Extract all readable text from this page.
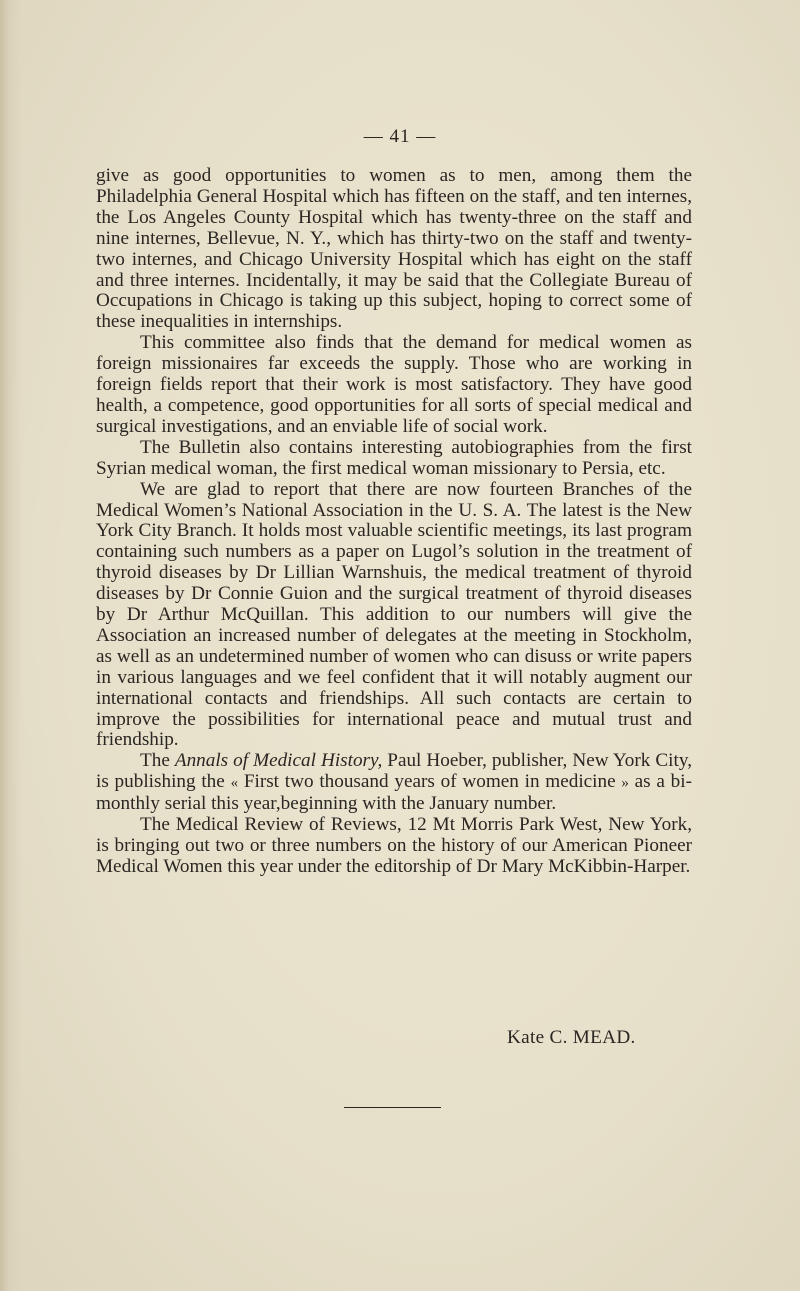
— 41 —

give as good opportunities to women as to men, among them the Philadelphia General Hospital which has fifteen on the staff, and ten internes, the Los Angeles County Hospital which has twenty-three on the staff and nine internes, Bellevue, N. Y., which has thirty-two on the staff and twenty-two internes, and Chicago University Hospital which has eight on the staff and three internes. Incidentally, it may be said that the Collegiate Bureau of Occupations in Chicago is taking up this subject, hoping to correct some of these inequalities in internships.

This committee also finds that the demand for medical women as foreign missionaires far exceeds the supply. Those who are working in foreign fields report that their work is most satisfactory. They have good health, a competence, good opportunities for all sorts of special medical and surgical investigations, and an enviable life of social work.

The Bulletin also contains interesting autobiographies from the first Syrian medical woman, the first medical woman missionary to Persia, etc.

We are glad to report that there are now fourteen Branches of the Medical Women’s National Association in the U. S. A. The latest is the New York City Branch. It holds most valuable scientific meetings, its last program containing such numbers as a paper on Lugol’s solution in the treatment of thyroid diseases by Dr Lillian Warnshuis, the medical treatment of thyroid diseases by Dr Connie Guion and the surgical treatment of thyroid diseases by Dr Arthur McQuillan. This addition to our numbers will give the Association an increased number of delegates at the meeting in Stockholm, as well as an undetermined number of women who can disuss or write papers in various languages and we feel confident that it will notably augment our international contacts and friendships. All such contacts are certain to improve the possibilities for international peace and mutual trust and friendship.

The Annals of Medical History, Paul Hoeber, publisher, New York City, is publishing the « First two thousand years of women in medicine » as a bi-monthly serial this year,beginning with the January number.

The Medical Review of Reviews, 12 Mt Morris Park West, New York, is bringing out two or three numbers on the history of our American Pioneer Medical Women this year under the editorship of Dr Mary McKibbin-Harper.

Kate C. MEAD.
